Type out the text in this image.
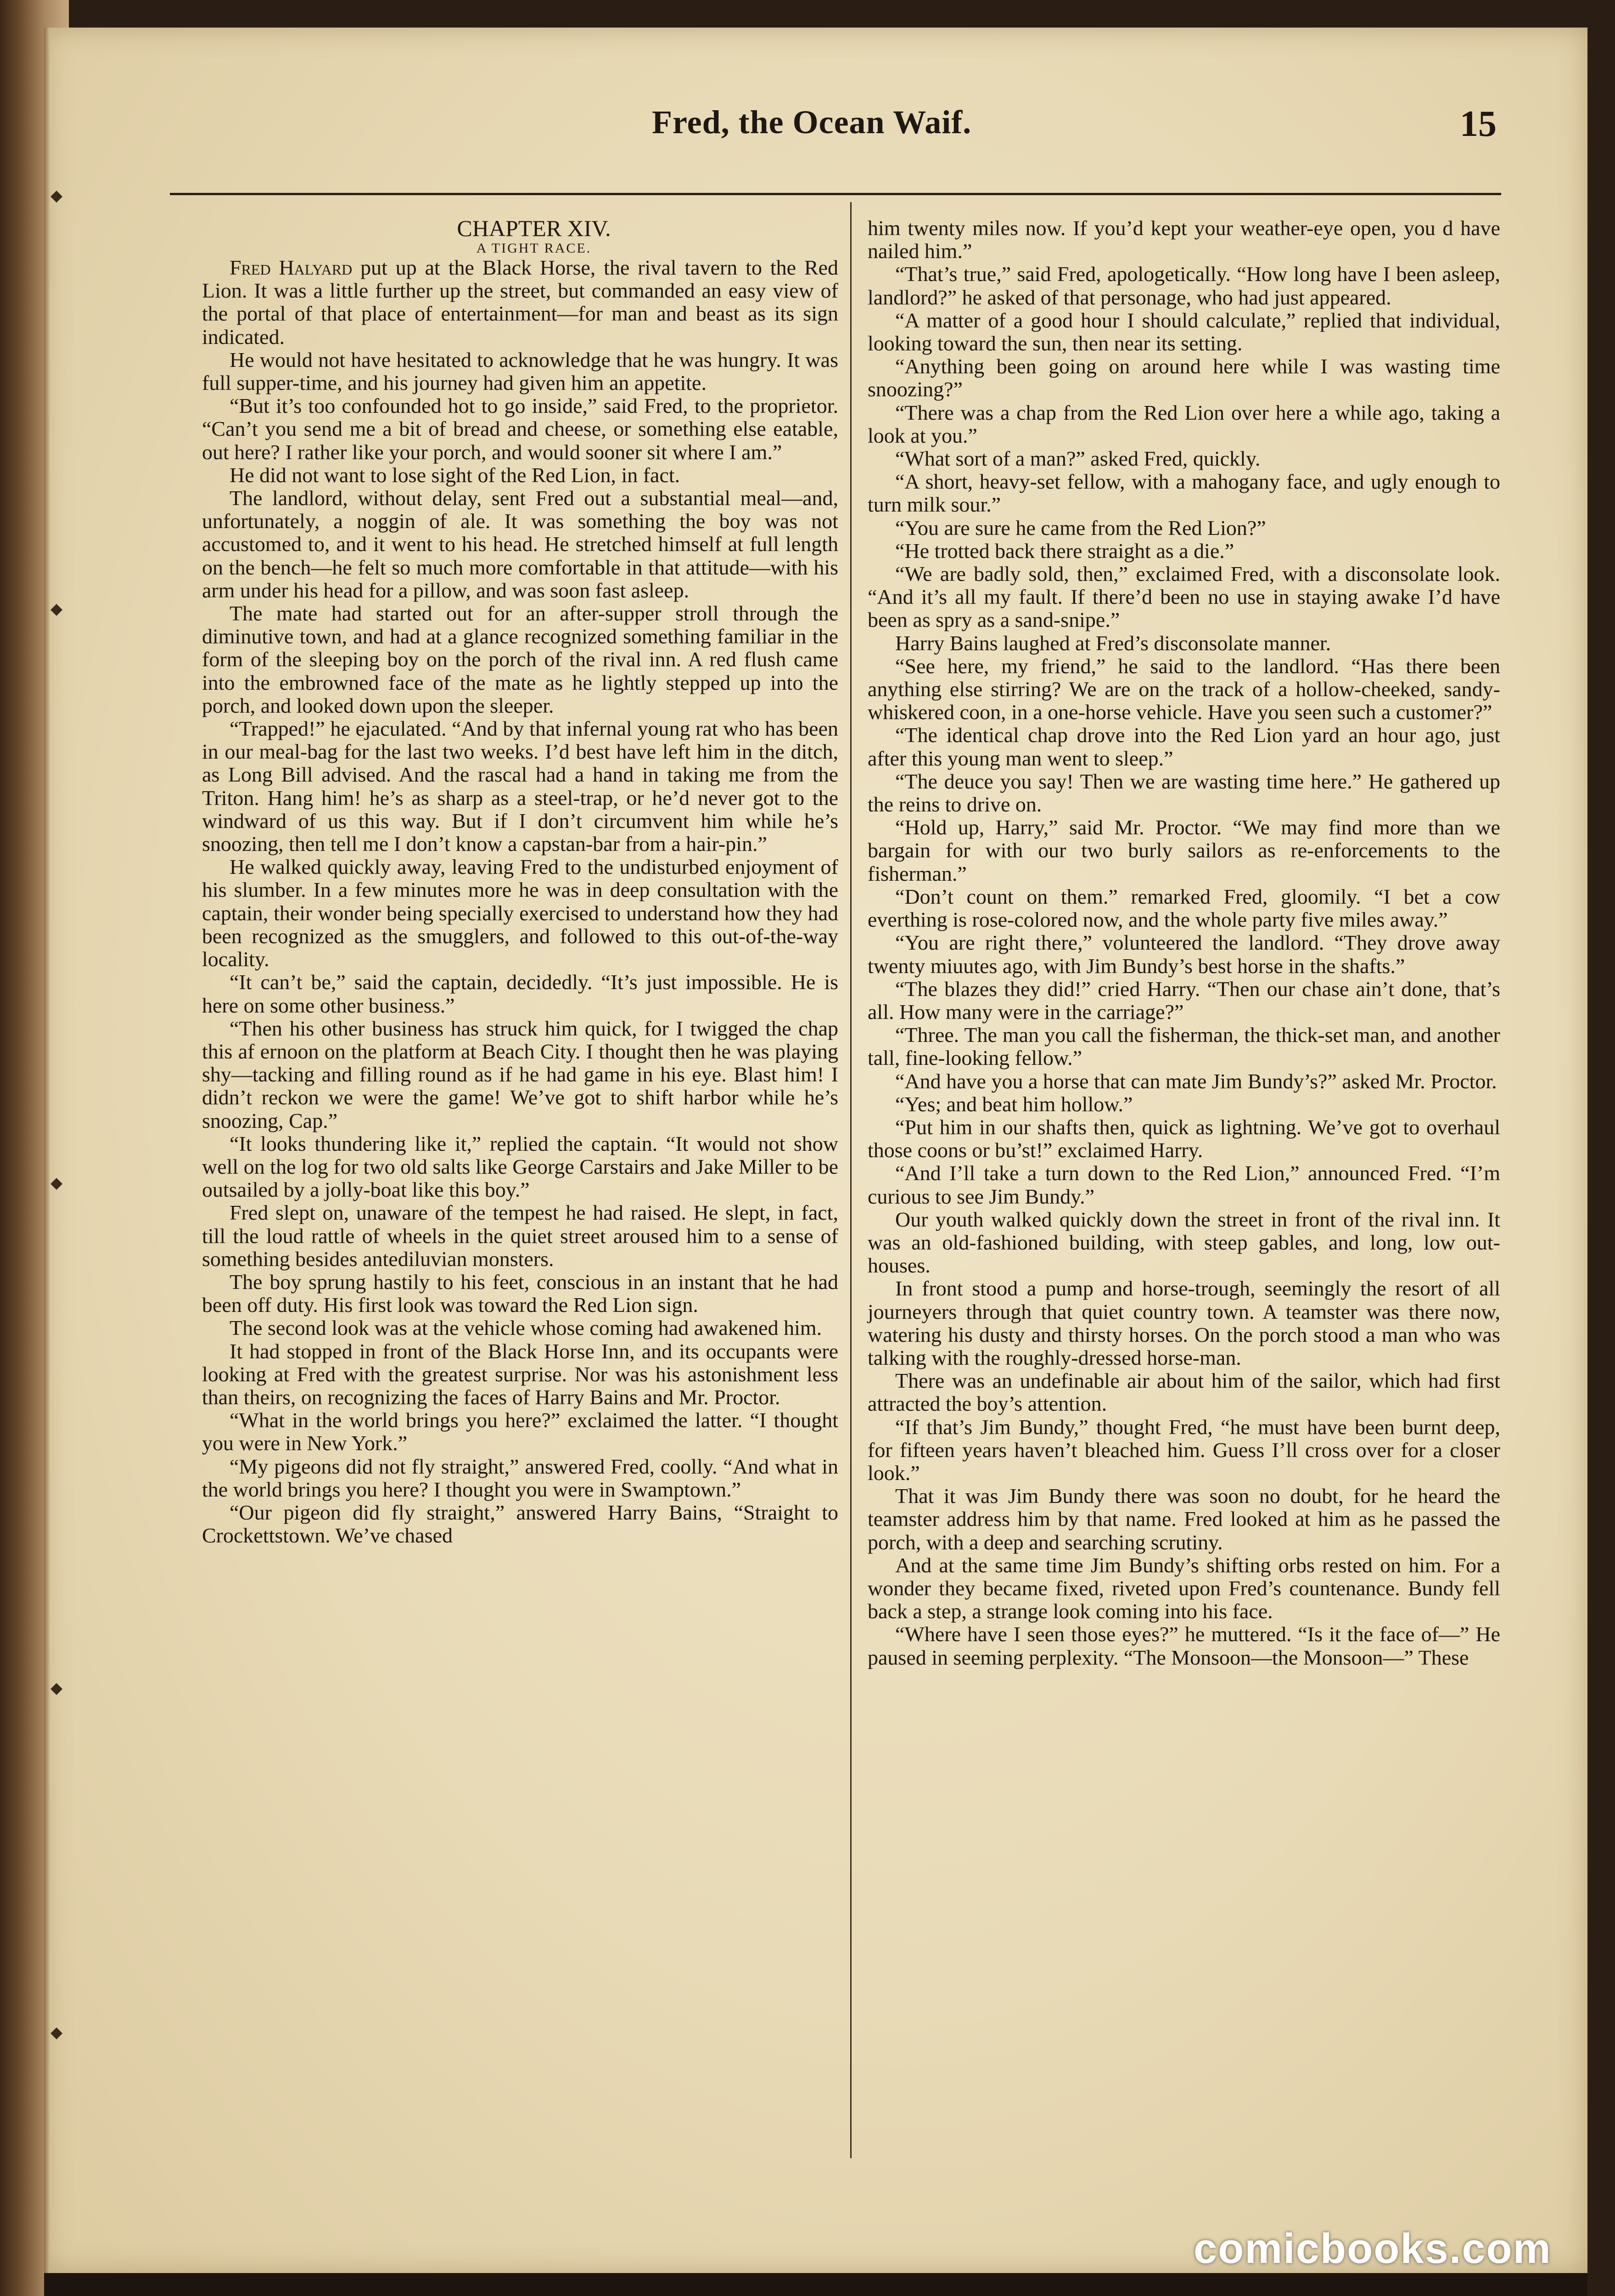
◆
◆
◆
◆
◆
Fred, the Ocean Waif.	15

CHAPTER XIV.

A TIGHT RACE.

Fred Halyard put up at the Black Horse, the rival tavern to the Red Lion. It was a little further up the street, but commanded an easy view of the portal of that place of entertainment—for man and beast as its sign indicated.

He would not have hesitated to acknowledge that he was hungry. It was full supper-time, and his journey had given him an appetite.

“But it’s too confounded hot to go inside,” said Fred, to the proprietor. “Can’t you send me a bit of bread and cheese, or something else eatable, out here? I rather like your porch, and would sooner sit where I am.”

He did not want to lose sight of the Red Lion, in fact.

The landlord, without delay, sent Fred out a substantial meal—and, unfortunately, a noggin of ale. It was something the boy was not accustomed to, and it went to his head. He stretched himself at full length on the bench—he felt so much more comfortable in that attitude—with his arm under his head for a pillow, and was soon fast asleep.

The mate had started out for an after-supper stroll through the diminutive town, and had at a glance recognized something familiar in the form of the sleeping boy on the porch of the rival inn. A red flush came into the embrowned face of the mate as he lightly stepped up into the porch, and looked down upon the sleeper.

“Trapped!” he ejaculated. “And by that infernal young rat who has been in our meal-bag for the last two weeks. I’d best have left him in the ditch, as Long Bill advised. And the rascal had a hand in taking me from the Triton. Hang him! he’s as sharp as a steel-trap, or he’d never got to the windward of us this way. But if I don’t circumvent him while he’s snoozing, then tell me I don’t know a capstan-bar from a hair-pin.”

He walked quickly away, leaving Fred to the undisturbed enjoyment of his slumber. In a few minutes more he was in deep consultation with the captain, their wonder being specially exercised to understand how they had been recognized as the smugglers, and followed to this out-of-the-way locality.

“It can’t be,” said the captain, decidedly. “It’s just impossible. He is here on some other business.”

“Then his other business has struck him quick, for I twigged the chap this af ernoon on the platform at Beach City. I thought then he was playing shy—tacking and filling round as if he had game in his eye. Blast him! I didn’t reckon we were the game! We’ve got to shift harbor while he’s snoozing, Cap.”

“It looks thundering like it,” replied the captain. “It would not show well on the log for two old salts like George Carstairs and Jake Miller to be outsailed by a jolly-boat like this boy.”

Fred slept on, unaware of the tempest he had raised. He slept, in fact, till the loud rattle of wheels in the quiet street aroused him to a sense of something besides antediluvian monsters.

The boy sprung hastily to his feet, conscious in an instant that he had been off duty. His first look was toward the Red Lion sign.

The second look was at the vehicle whose coming had awakened him.

It had stopped in front of the Black Horse Inn, and its occupants were looking at Fred with the greatest surprise. Nor was his astonishment less than theirs, on recognizing the faces of Harry Bains and Mr. Proctor.

“What in the world brings you here?” exclaimed the latter. “I thought you were in New York.”

“My pigeons did not fly straight,” answered Fred, coolly. “And what in the world brings you here? I thought you were in Swamptown.”

“Our pigeon did fly straight,” answered Harry Bains, “Straight to Crockettstown. We’ve chased

him twenty miles now. If you’d kept your weather-eye open, you d have nailed him.”

“That’s true,” said Fred, apologetically. “How long have I been asleep, landlord?” he asked of that personage, who had just appeared.

“A matter of a good hour I should calculate,” replied that individual, looking toward the sun, then near its setting.

“Anything been going on around here while I was wasting time snoozing?”

“There was a chap from the Red Lion over here a while ago, taking a look at you.”

“What sort of a man?” asked Fred, quickly.

“A short, heavy-set fellow, with a mahogany face, and ugly enough to turn milk sour.”

“You are sure he came from the Red Lion?”

“He trotted back there straight as a die.”

“We are badly sold, then,” exclaimed Fred, with a disconsolate look. “And it’s all my fault. If there’d been no use in staying awake I’d have been as spry as a sand-snipe.”

Harry Bains laughed at Fred’s disconsolate manner.

“See here, my friend,” he said to the landlord. “Has there been anything else stirring? We are on the track of a hollow-cheeked, sandy-whiskered coon, in a one-horse vehicle. Have you seen such a customer?”

“The identical chap drove into the Red Lion yard an hour ago, just after this young man went to sleep.”

“The deuce you say! Then we are wasting time here.” He gathered up the reins to drive on.

“Hold up, Harry,” said Mr. Proctor. “We may find more than we bargain for with our two burly sailors as re-enforcements to the fisherman.”

“Don’t count on them.” remarked Fred, gloomily. “I bet a cow everthing is rose-colored now, and the whole party five miles away.”

“You are right there,” volunteered the landlord. “They drove away twenty miuutes ago, with Jim Bundy’s best horse in the shafts.”

“The blazes they did!” cried Harry. “Then our chase ain’t done, that’s all. How many were in the carriage?”

“Three. The man you call the fisherman, the thick-set man, and another tall, fine-looking fellow.”

“And have you a horse that can mate Jim Bundy’s?” asked Mr. Proctor.

“Yes; and beat him hollow.”

“Put him in our shafts then, quick as lightning. We’ve got to overhaul those coons or bu’st!” exclaimed Harry.

“And I’ll take a turn down to the Red Lion,” announced Fred. “I’m curious to see Jim Bundy.”

Our youth walked quickly down the street in front of the rival inn. It was an old-fashioned building, with steep gables, and long, low out-houses.

In front stood a pump and horse-trough, seemingly the resort of all journeyers through that quiet country town. A teamster was there now, watering his dusty and thirsty horses. On the porch stood a man who was talking with the roughly-dressed horse-man.

There was an undefinable air about him of the sailor, which had first attracted the boy’s attention.

“If that’s Jim Bundy,” thought Fred, “he must have been burnt deep, for fifteen years haven’t bleached him. Guess I’ll cross over for a closer look.”

That it was Jim Bundy there was soon no doubt, for he heard the teamster address him by that name. Fred looked at him as he passed the porch, with a deep and searching scrutiny.

And at the same time Jim Bundy’s shifting orbs rested on him. For a wonder they became fixed, riveted upon Fred’s countenance. Bundy fell back a step, a strange look coming into his face.

“Where have I seen those eyes?” he muttered. “Is it the face of—” He paused in seeming perplexity. “The Monsoon—the Monsoon—” These

comicbooks.com
